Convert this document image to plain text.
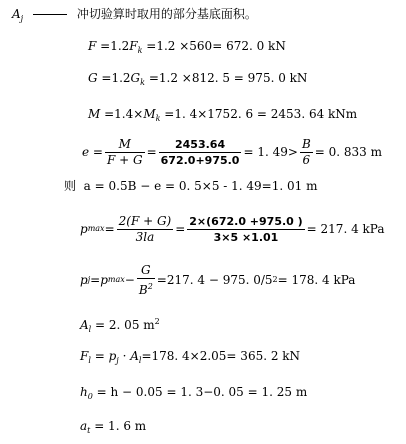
$A_j$	冲切验算时取用的部分基底面积。
$F =1.2F_k =1.2 \times 560= 672$. 0 kN
$G =1.2G_k =1.2 \times 812$. 5 = 975. 0 kN
$M =1.4\times M_k =1$. 4×1752. 6 = 2453. 64 kNm
$e = \frac{M}{F + G} = \frac{2453.64}{672.0+975.0} = 1$. $49> \frac{B}{6} = 0$. 833 m
则 a = 0.5B − e = 0. 5×5 - 1. 49=1. 01 m
p $\max = \frac{2(F + G)}{3la} = \frac{2\times(672.0 +975.0 )}{3\times 5 \times 1.01} = 217$. 4 kPa
p j = p $\max - \frac{G}{B^2} =217$. 4 − 975. 0/5 2 = 178. 4 kPa
$A_l = 2$. 05 $m^2$
$F_l = p_j \cdot A_l=178$. 4×2.05= 365. 2 kN
$h_0 = h - 0.05 = 1$. 3−0. 05 = 1. 25 m
$a_t = 1$. 6 m
